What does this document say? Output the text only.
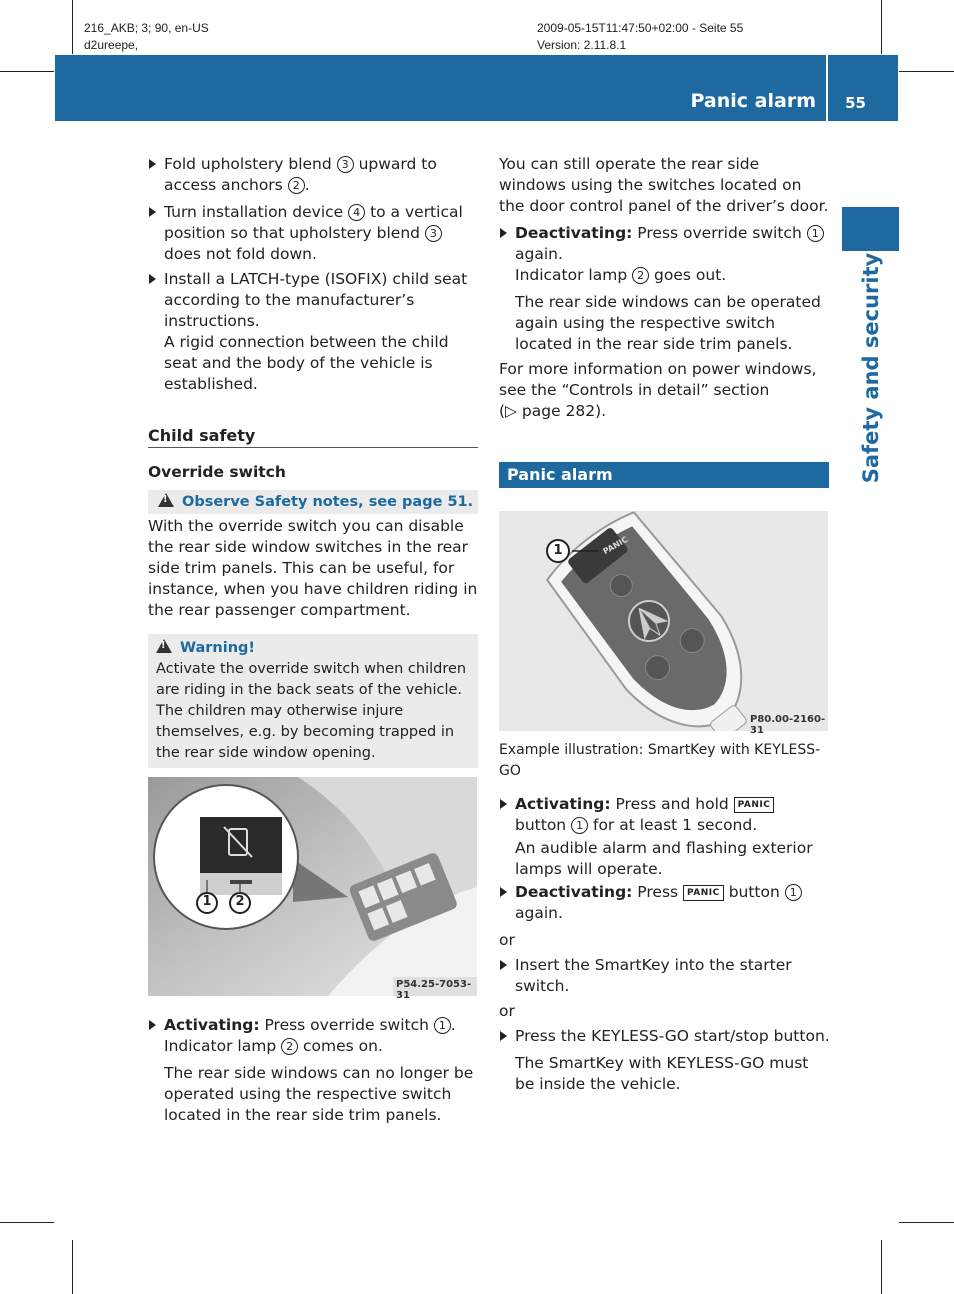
216_AKB; 3; 90, en-US
d2ureepe,
2009-05-15T11:47:50+02:00 - Seite 55
Version: 2.11.8.1
Panic alarm	55
Safety and security

Fold upholstery blend 3 upward to access anchors 2 .

Turn installation device 4 to a vertical position so that upholstery blend 3 does not fold down.

Install a LATCH-type (ISOFIX) child seat according to the manufacturer’s instructions.

A rigid connection between the child seat and the body of the vehicle is established.

Child safety
Override switch
!Observe Safety notes, see page 51.

With the override switch you can disable the rear side window switches in the rear side trim panels. This can be useful, for instance, when you have children riding in the rear passenger compartment.

!Warning!
Activate the override switch when children are riding in the back seats of the vehicle. The children may otherwise injure themselves, e.g. by becoming trapped in the rear side window opening.
1 2
P54.25-7053-31

Activating: Press override switch 1 .

Indicator lamp 2 comes on.

The rear side windows can no longer be operated using the respective switch located in the rear side trim panels.

You can still operate the rear side windows using the switches located on the door control panel of the driver’s door.

Deactivating: Press override switch 1 again.

Indicator lamp 2 goes out.

The rear side windows can be operated again using the respective switch located in the rear side trim panels.

For more information on power windows, see the “Controls in detail” section
(▷ page 282).

Panic alarm
1	PANIC
P80.00-2160-31

Example illustration: SmartKey with KEYLESS-GO

Activating: Press and hold PANIC

button 1 for at least 1 second.

An audible alarm and flashing exterior lamps will operate.

Deactivating: Press PANIC button 1 again.

or

Insert the SmartKey into the starter switch.

or

Press the KEYLESS-GO start/stop button.

The SmartKey with KEYLESS-GO must be inside the vehicle.
